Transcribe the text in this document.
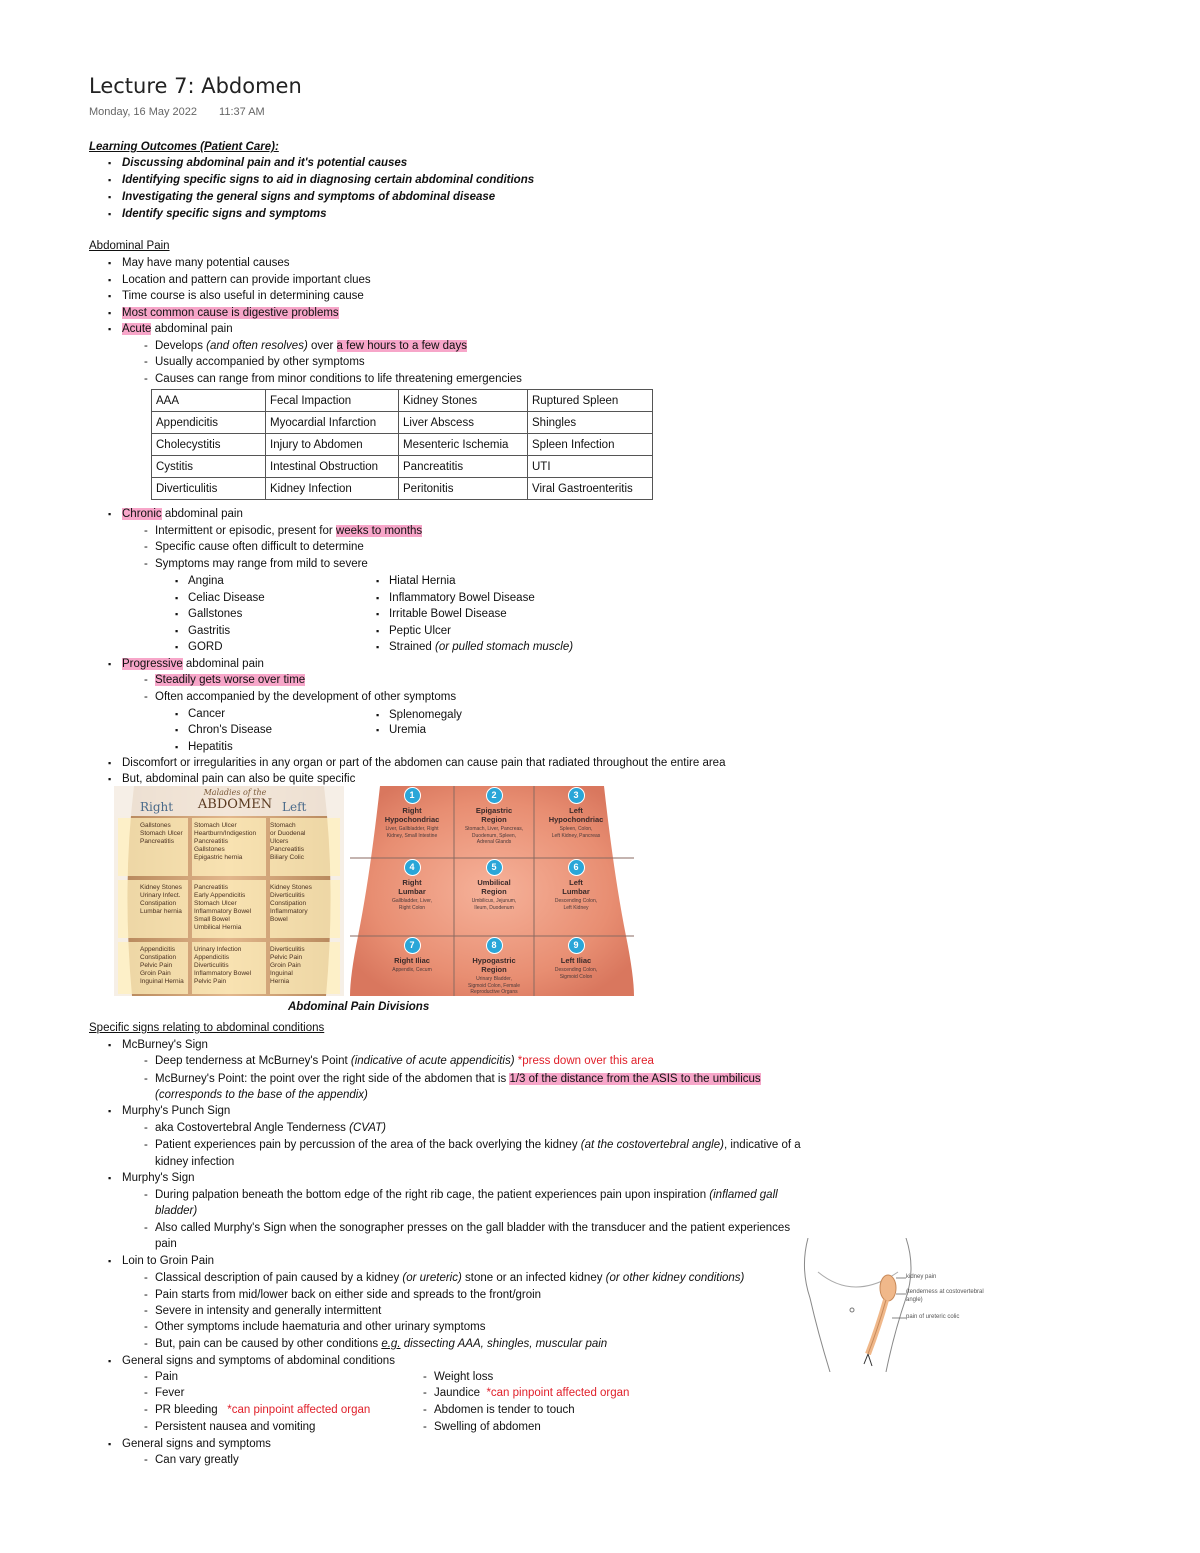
Lecture 7: Abdomen
Monday, 16 May 2022 11:37 AM
Learning Outcomes (Patient Care):
▪ Discussing abdominal pain and it's potential causes
▪ Identifying specific signs to aid in diagnosing certain abdominal conditions
▪ Investigating the general signs and symptoms of abdominal disease
▪ Identify specific signs and symptoms
Abdominal Pain
▪ May have many potential causes
▪ Location and pattern can provide important clues
▪ Time course is also useful in determining cause
▪ Most common cause is digestive problems
▪ Acute abdominal pain
- Develops (and often resolves) over a few hours to a few days
- Usually accompanied by other symptoms
- Causes can range from minor conditions to life threatening emergencies
AAA	Fecal Impaction	Kidney Stones	Ruptured Spleen
Appendicitis	Myocardial Infarction	Liver Abscess	Shingles
Cholecystitis	Injury to Abdomen	Mesenteric Ischemia	Spleen Infection
Cystitis	Intestinal Obstruction	Pancreatitis	UTI
Diverticulitis	Kidney Infection	Peritonitis	Viral Gastroenteritis
▪ Chronic abdominal pain
- Intermittent or episodic, present for weeks to months
- Specific cause often difficult to determine
- Symptoms may range from mild to severe
▪ Angina
▪ Celiac Disease
▪ Gallstones
▪ Gastritis
▪ GORD
▪ Hiatal Hernia
▪ Inflammatory Bowel Disease
▪ Irritable Bowel Disease
▪ Peptic Ulcer
▪ Strained (or pulled stomach muscle)
▪ Progressive abdominal pain
- Steadily gets worse over time
- Often accompanied by the development of other symptoms
▪ Cancer
▪ Chron's Disease
▪ Hepatitis
▪ Splenomegaly
▪ Uremia
▪ Discomfort or irregularities in any organ or part of the abdomen can cause pain that radiated throughout the entire area
▪ But, abdominal pain can also be quite specific
Maladies of the
ABDOMEN
Right	Left
Gallstones
Stomach Ulcer
Pancreatitis
Stomach Ulcer
Heartburn/Indigestion
Pancreatitis
Gallstones
Epigastric hernia
Stomach
or Duodenal
Ulcers
Pancreatitis
Biliary Colic
Kidney Stones
Urinary Infect.
Constipation
Lumbar hernia
Pancreatitis
Early Appendicitis
Stomach Ulcer
Inflammatory Bowel
Small Bowel
Umbilical Hernia
Kidney Stones
Diverticulitis
Constipation
Inflammatory
Bowel
Appendicitis
Constipation
Pelvic Pain
Groin Pain
Inguinal Hernia
Urinary Infection
Appendicitis
Diverticulitis
Inflammatory Bowel
Pelvic Pain
Diverticulitis
Pelvic Pain
Groin Pain
Inguinal
Hernia
1
Right
Hypochondriac
Liver, Gallbladder, Right
Kidney, Small Intestine
2
Epigastric
Region
Stomach, Liver, Pancreas,
Duodenum, Spleen,
Adrenal Glands
3
Left
Hypochondriac
Spleen, Colon,
Left Kidney, Pancreas
4
Right
Lumbar
Gallbladder, Liver,
Right Colon
5
Umbilical
Region
Umbilicus, Jejunum,
Ileum, Duodenum
6
Left
Lumbar
Descending Colon,
Left Kidney
7
Right Iliac
Appendix, Cecum
8
Hypogastric
Region
Urinary Bladder,
Sigmoid Colon, Female
Reproductive Organs
9
Left Iliac
Descending Colon,
Sigmoid Colon
Abdominal Pain Divisions
Specific signs relating to abdominal conditions
▪ McBurney's Sign
- Deep tenderness at McBurney's Point (indicative of acute appendicitis) *press down over this area
- McBurney's Point: the point over the right side of the abdomen that is 1/3 of the distance from the ASIS to the umbilicus
(corresponds to the base of the appendix)
▪ Murphy's Punch Sign
- aka Costovertebral Angle Tenderness (CVAT)
- Patient experiences pain by percussion of the area of the back overlying the kidney (at the costovertebral angle), indicative of a
kidney infection
▪ Murphy's Sign
- During palpation beneath the bottom edge of the right rib cage, the patient experiences pain upon inspiration (inflamed gall
bladder)
- Also called Murphy's Sign when the sonographer presses on the gall bladder with the transducer and the patient experiences
pain
▪ Loin to Groin Pain
- Classical description of pain caused by a kidney (or ureteric) stone or an infected kidney (or other kidney conditions)
- Pain starts from mid/lower back on either side and spreads to the front/groin
- Severe in intensity and generally intermittent
- Other symptoms include haematuria and other urinary symptoms
- But, pain can be caused by other conditions e.g. dissecting AAA, shingles, muscular pain
▪ General signs and symptoms of abdominal conditions
- Pain
- Fever
- PR bleeding *can pinpoint affected organ
- Persistent nausea and vomiting
- Weight loss
- Jaundice *can pinpoint affected organ
- Abdomen is tender to touch
- Swelling of abdomen
▪ General signs and symptoms
- Can vary greatly
kidney pain
(tenderness at costovertebral
angle)
pain of ureteric colic
